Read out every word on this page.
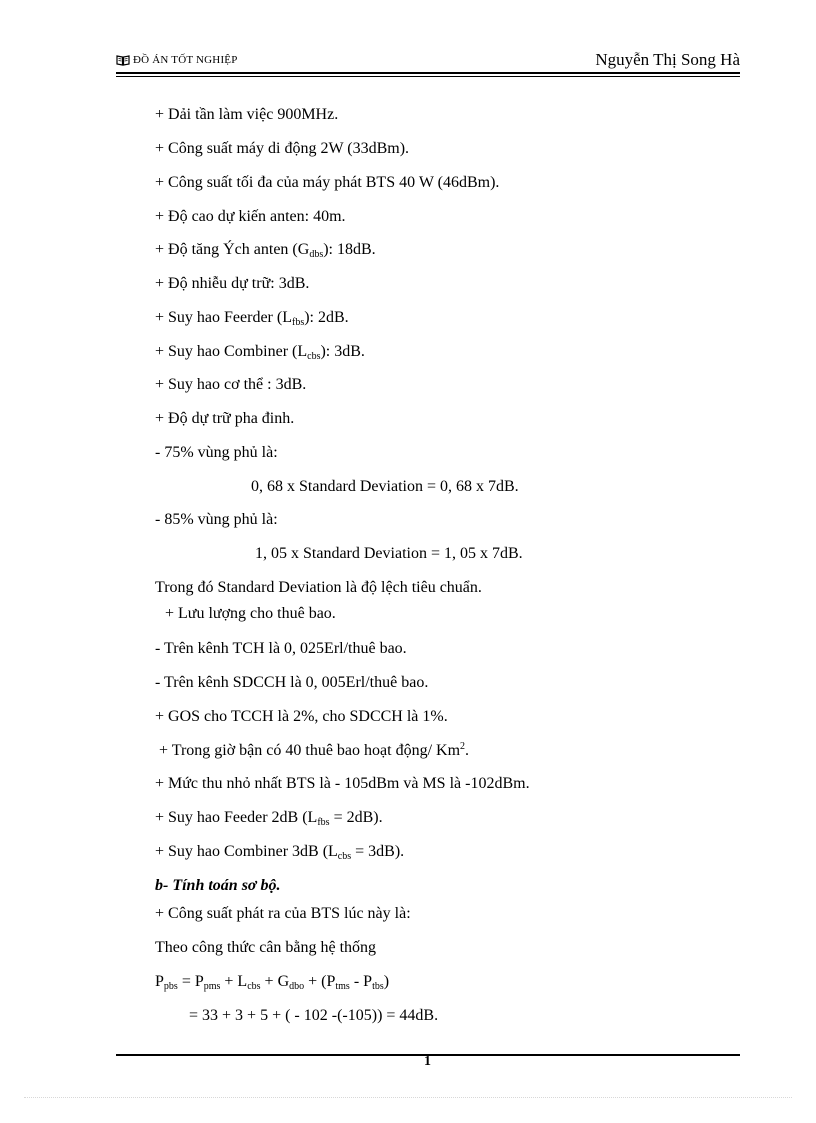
ĐỒ ÁN TỐT NGHIỆP	Nguyễn Thị Song Hà
+ Dải tần làm việc 900MHz.
+ Công suất máy di động 2W (33dBm).
+ Công suất tối đa của máy phát BTS 40 W (46dBm).
+ Độ cao dự kiến anten: 40m.
+ Độ tăng Ých anten $(G_{dbs})$: 18dB.
+ Độ nhiễu dự trữ: 3dB.
+ Suy hao Feerder $(L_{fbs})$: 2dB.
+ Suy hao Combiner $(L_{cbs})$: 3dB.
+ Suy hao cơ thể : 3dB.
+ Độ dự trữ pha đinh.
- 75% vùng phủ là:
0, 68 x Standard Deviation = 0, 68 x 7dB.
- 85% vùng phủ là:
1, 05 x Standard Deviation = 1, 05 x 7dB.
Trong đó Standard Deviation là độ lệch tiêu chuẩn.
+ Lưu lượng cho thuê bao.
- Trên kênh TCH là 0, 025Erl/thuê bao.
- Trên kênh SDCCH là 0, 005Erl/thuê bao.
+ GOS cho TCCH là 2%, cho SDCCH là 1%.
+ Trong giờ bận có 40 thuê bao hoạt động/ $Km^2$.
+ Mức thu nhỏ nhất BTS là - 105dBm và MS là -102dBm.
+ Suy hao Feeder 2dB $(L_{fbs} = 2dB)$.
+ Suy hao Combiner 3dB $(L_{cbs} = 3dB)$.
b- Tính toán sơ bộ.
+ Công suất phát ra của BTS lúc này là:
Theo công thức cân bằng hệ thống
$P_{pbs} = P_{pms} + L_{cbs} + G_{dbo} + (P_{tms} - P_{tbs})$
= 33 + 3 + 5 + ( - 102 -(-105)) = 44dB.
1
